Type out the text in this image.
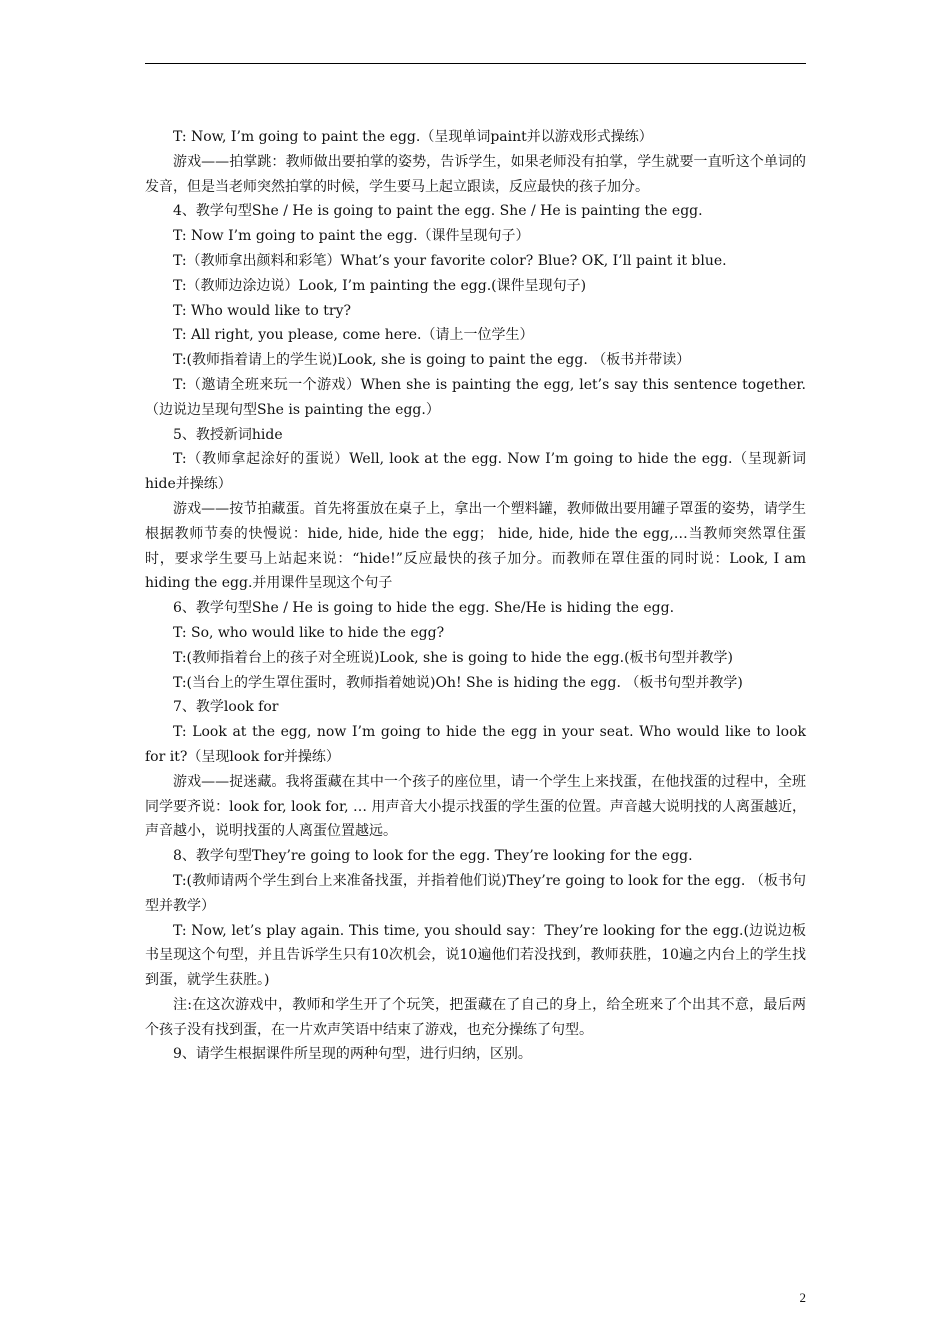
T: Now, I’m going to paint the egg.（呈现单词paint并以游戏形式操练）

游戏——拍掌跳：教师做出要拍掌的姿势，告诉学生，如果老师没有拍掌，学生就要一直听这个单词的发音，但是当老师突然拍掌的时候，学生要马上起立跟读，反应最快的孩子加分。

4、教学句型She / He is going to paint the egg. She / He is painting the egg.

T: Now I’m going to paint the egg.（课件呈现句子）

T:（教师拿出颜料和彩笔）What’s your favorite color? Blue? OK, I’ll paint it blue.

T:（教师边涂边说）Look, I’m painting the egg.(课件呈现句子)

T: Who would like to try?

T: All right, you please, come here.（请上一位学生）

T:(教师指着请上的学生说)Look, she is going to paint the egg. （板书并带读）

T:（邀请全班来玩一个游戏）When she is painting the egg, let’s say this sentence together.（边说边呈现句型She is painting the egg.）

5、教授新词hide

T:（教师拿起涂好的蛋说）Well, look at the egg. Now I’m going to hide the egg.（呈现新词hide并操练）

游戏——按节拍藏蛋。首先将蛋放在桌子上，拿出一个塑料罐，教师做出要用罐子罩蛋的姿势，请学生根据教师节奏的快慢说：hide, hide, hide the egg； hide, hide, hide the egg,…当教师突然罩住蛋时，要求学生要马上站起来说：“hide!”反应最快的孩子加分。而教师在罩住蛋的同时说：Look, I am hiding the egg.并用课件呈现这个句子

6、教学句型She / He is going to hide the egg. She/He is hiding the egg.

T: So, who would like to hide the egg?

T:(教师指着台上的孩子对全班说)Look, she is going to hide the egg.(板书句型并教学)

T:(当台上的学生罩住蛋时，教师指着她说)Oh! She is hiding the egg. （板书句型并教学)

7、教学look for

T: Look at the egg, now I’m going to hide the egg in your seat. Who would like to look for it?（呈现look for并操练）

游戏——捉迷藏。我将蛋藏在其中一个孩子的座位里，请一个学生上来找蛋，在他找蛋的过程中，全班同学要齐说：look for, look for, … 用声音大小提示找蛋的学生蛋的位置。声音越大说明找的人离蛋越近，声音越小，说明找蛋的人离蛋位置越远。

8、教学句型They’re going to look for the egg. They’re looking for the egg.

T:(教师请两个学生到台上来准备找蛋，并指着他们说)They’re going to look for the egg. （板书句型并教学）

T: Now, let’s play again. This time, you should say：They’re looking for the egg.(边说边板书呈现这个句型，并且告诉学生只有10次机会，说10遍他们若没找到，教师获胜，10遍之内台上的学生找到蛋，就学生获胜。)

注:在这次游戏中，教师和学生开了个玩笑，把蛋藏在了自己的身上，给全班来了个出其不意，最后两个孩子没有找到蛋，在一片欢声笑语中结束了游戏，也充分操练了句型。

9、请学生根据课件所呈现的两种句型，进行归纳，区别。

2
